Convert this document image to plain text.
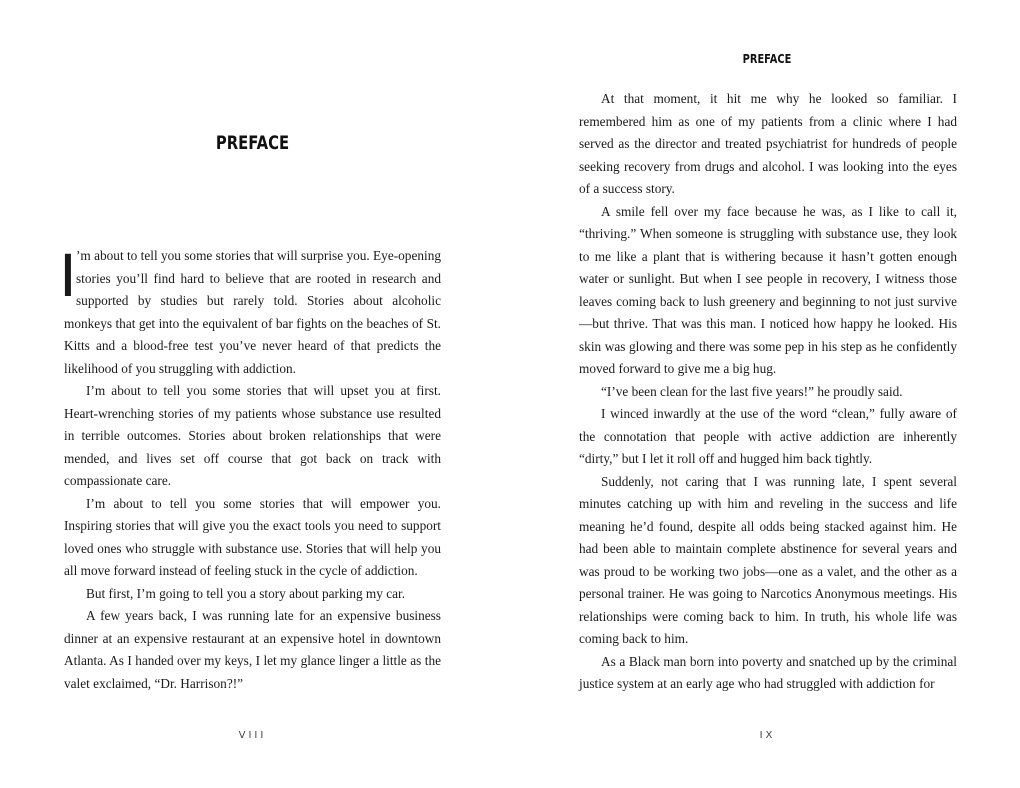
PREFACE

I ’m about to tell you some stories that will surprise you. Eye-opening stories you’ll find hard to believe that are rooted in research and supported by studies but rarely told. Stories about alcoholic monkeys that get into the equivalent of bar fights on the beaches of St. Kitts and a blood-free test you’ve never heard of that predicts the likelihood of you struggling with addiction.

I’m about to tell you some stories that will upset you at first. Heart-wrenching stories of my patients whose substance use resulted in terrible outcomes. Stories about broken relationships that were mended, and lives set off course that got back on track with compassionate care.

I’m about to tell you some stories that will empower you. Inspiring stories that will give you the exact tools you need to support loved ones who struggle with substance use. Stories that will help you all move forward instead of feeling stuck in the cycle of addiction.

But first, I’m going to tell you a story about parking my car.

A few years back, I was running late for an expensive business dinner at an expensive restaurant at an expensive hotel in downtown Atlanta. As I handed over my keys, I let my glance linger a little as the valet exclaimed, “Dr. Harrison?!”

VIII
PREFACE

At that moment, it hit me why he looked so familiar. I remembered him as one of my patients from a clinic where I had served as the director and treated psychiatrist for hundreds of people seeking recovery from drugs and alcohol. I was looking into the eyes of a success story.

A smile fell over my face because he was, as I like to call it, “thriving.” When someone is struggling with substance use, they look to me like a plant that is withering because it hasn’t gotten enough water or sunlight. But when I see people in recovery, I witness those leaves coming back to lush greenery and beginning to not just survive—but thrive. That was this man. I noticed how happy he looked. His skin was glowing and there was some pep in his step as he confidently moved forward to give me a big hug.

“I’ve been clean for the last five years!” he proudly said.

I winced inwardly at the use of the word “clean,” fully aware of the connotation that people with active addiction are inherently “dirty,” but I let it roll off and hugged him back tightly.

Suddenly, not caring that I was running late, I spent several minutes catching up with him and reveling in the success and life meaning he’d found, despite all odds being stacked against him. He had been able to maintain complete abstinence for several years and was proud to be working two jobs—one as a valet, and the other as a personal trainer. He was going to Narcotics Anonymous meetings. His relationships were coming back to him. In truth, his whole life was coming back to him.

As a Black man born into poverty and snatched up by the criminal justice system at an early age who had struggled with addiction for

IX
